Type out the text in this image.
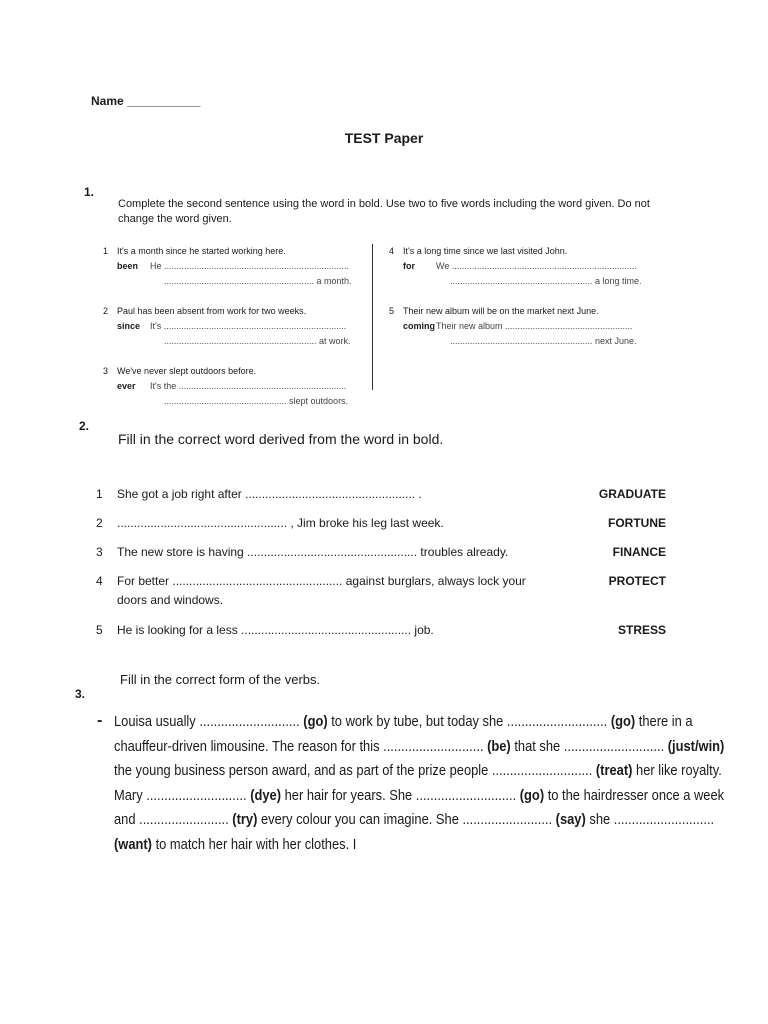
Name ___________
TEST Paper
1.
Complete the second sentence using the word in bold. Use two to five words including the word given. Do not change the word given.
1 It's a month since he started working here.
been He ..........................................................................
............................................................ a month.
2 Paul has been absent from work for two weeks.
since It's .........................................................................
............................................................. at work.
3 We've never slept outdoors before.
ever It's the ...................................................................
................................................. slept outdoors.
4 It's a long time since we last visited John.
for We ..........................................................................
......................................................... a long time.
5 Their new album will be on the market next June.
comingTheir new album ...................................................
......................................................... next June.
2.
Fill in the correct word derived from the word in bold.
1 She got a job right after ................................................... .	GRADUATE
2 ................................................... , Jim broke his leg last week.	FORTUNE
3 The new store is having ................................................... troubles already.	FINANCE
4 For better ................................................... against burglars, always lock your doors and windows.
PROTECT
5 He is looking for a less ................................................... job.	STRESS
Fill in the correct form of the verbs.
3.
- Louisa usually ............................ (go) to work by tube, but today she ............................ (go) there in a
chauffeur-driven limousine. The reason for this ............................ (be) that she ............................ (just/win)
the young business person award, and as part of the prize people ............................ (treat) her like royalty.
Mary ............................ (dye) her hair for years. She ............................ (go) to the hairdresser once a week
and ......................... (try) every colour you can imagine. She ......................... (say) she ............................
(want) to match her hair with her clothes. I
